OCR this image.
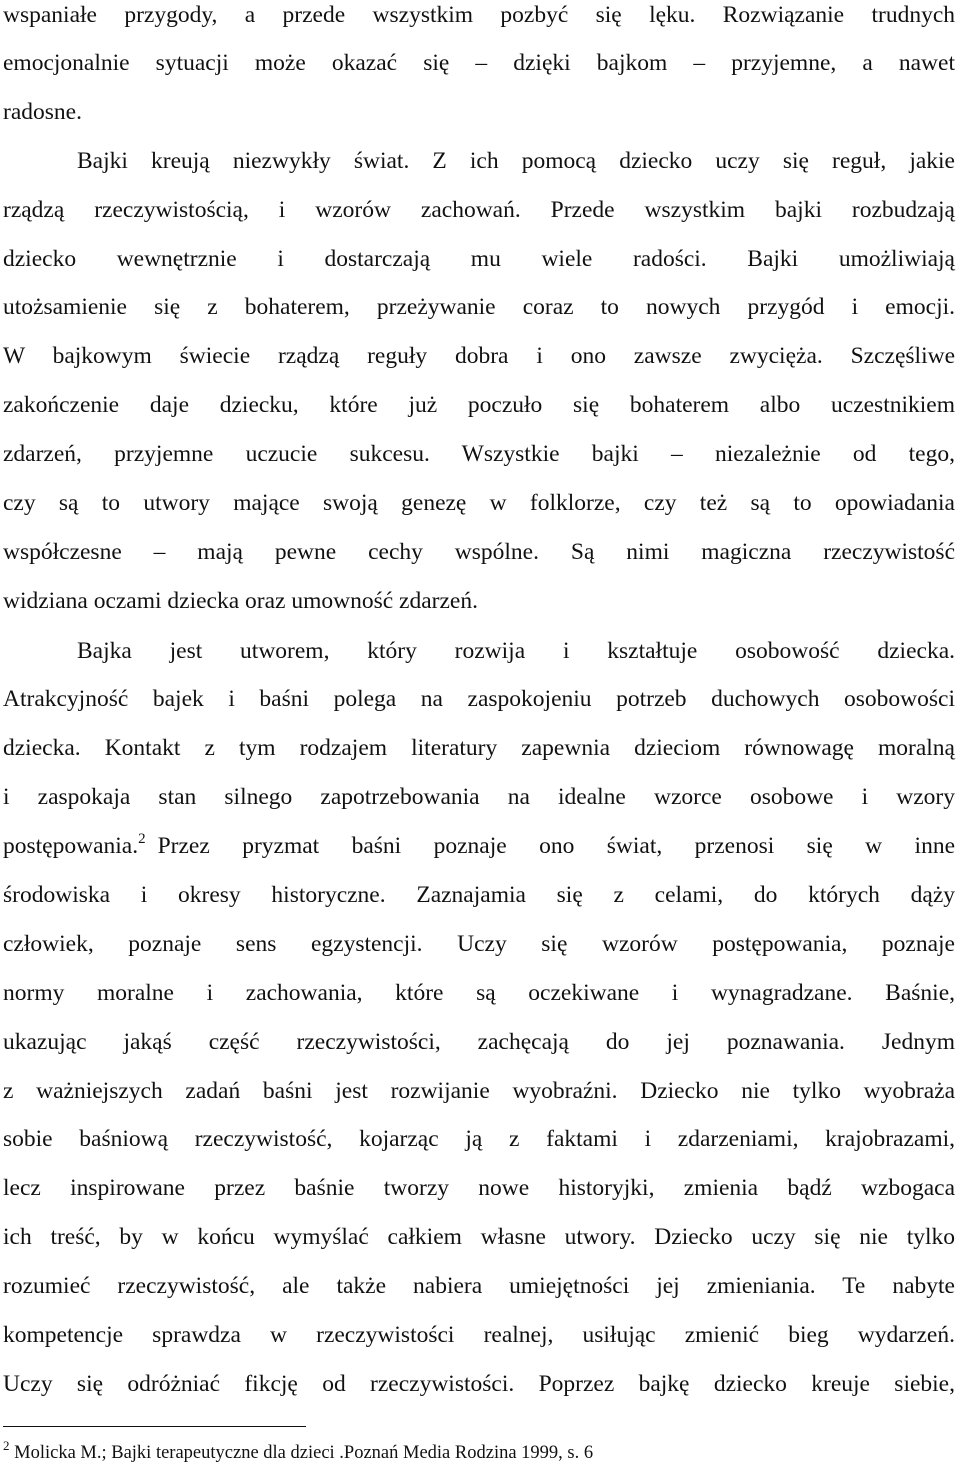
wspaniałe przygody, a przede wszystkim pozbyć się lęku. Rozwiązanie trudnych
emocjonalnie sytuacji może okazać się – dzięki bajkom – przyjemne, a nawet
radosne.
Bajki kreują niezwykły świat. Z ich pomocą dziecko uczy się reguł, jakie
rządzą rzeczywistością, i wzorów zachowań. Przede wszystkim bajki rozbudzają
dziecko wewnętrznie i dostarczają mu wiele radości. Bajki umożliwiają
utożsamienie się z bohaterem, przeżywanie coraz to nowych przygód i emocji.
W bajkowym świecie rządzą reguły dobra i ono zawsze zwycięża. Szczęśliwe
zakończenie daje dziecku, które już poczuło się bohaterem albo uczestnikiem
zdarzeń, przyjemne uczucie sukcesu. Wszystkie bajki – niezależnie od tego,
czy są to utwory mające swoją genezę w folklorze, czy też są to opowiadania
współczesne – mają pewne cechy wspólne. Są nimi magiczna rzeczywistość
widziana oczami dziecka oraz umowność zdarzeń.
Bajka jest utworem, który rozwija i kształtuje osobowość dziecka.
Atrakcyjność bajek i baśni polega na zaspokojeniu potrzeb duchowych osobowości
dziecka. Kontakt z tym rodzajem literatury zapewnia dzieciom równowagę moralną
i zaspokaja stan silnego zapotrzebowania na idealne wzorce osobowe i wzory
postępowania.$^2$ Przez pryzmat baśni poznaje ono świat, przenosi się w inne
środowiska i okresy historyczne. Zaznajamia się z celami, do których dąży
człowiek, poznaje sens egzystencji. Uczy się wzorów postępowania, poznaje
normy moralne i zachowania, które są oczekiwane i wynagradzane. Baśnie,
ukazując jakąś część rzeczywistości, zachęcają do jej poznawania. Jednym
z ważniejszych zadań baśni jest rozwijanie wyobraźni. Dziecko nie tylko wyobraża
sobie baśniową rzeczywistość, kojarząc ją z faktami i zdarzeniami, krajobrazami,
lecz inspirowane przez baśnie tworzy nowe historyjki, zmienia bądź wzbogaca
ich treść, by w końcu wymyślać całkiem własne utwory. Dziecko uczy się nie tylko
rozumieć rzeczywistość, ale także nabiera umiejętności jej zmieniania. Te nabyte
kompetencje sprawdza w rzeczywistości realnej, usiłując zmienić bieg wydarzeń.
Uczy się odróżniać fikcję od rzeczywistości. Poprzez bajkę dziecko kreuje siebie,
$^2$ Molicka M.; Bajki terapeutyczne dla dzieci .Poznań Media Rodzina 1999, s. 6
